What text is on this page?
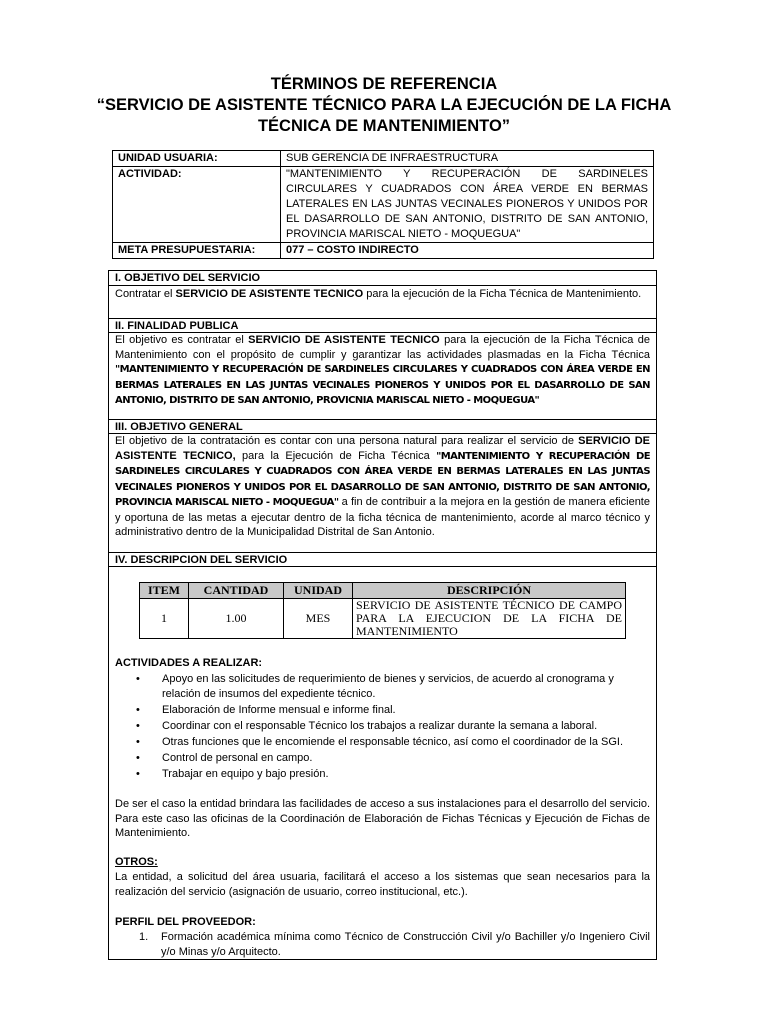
TÉRMINOS DE REFERENCIA
“SERVICIO DE ASISTENTE TÉCNICO PARA LA EJECUCIÓN DE LA FICHA
TÉCNICA DE MANTENIMIENTO”
UNIDAD USUARIA:	SUB GERENCIA DE INFRAESTRUCTURA
ACTIVIDAD:	"MANTENIMIENTO Y RECUPERACIÓN DE SARDINELES CIRCULARES Y CUADRADOS CON ÁREA VERDE EN BERMAS LATERALES EN LAS JUNTAS VECINALES PIONEROS Y UNIDOS POR EL DASARROLLO DE SAN ANTONIO, DISTRITO DE SAN ANTONIO, PROVINCIA MARISCAL NIETO - MOQUEGUA"
META PRESUPUESTARIA:	077 – COSTO INDIRECTO
I. OBJETIVO DEL SERVICIO
Contratar el SERVICIO DE ASISTENTE TECNICO para la ejecución de la Ficha Técnica de Mantenimiento.
II. FINALIDAD PUBLICA
El objetivo es contratar el SERVICIO DE ASISTENTE TECNICO para la ejecución de la Ficha Técnica de Mantenimiento con el propósito de cumplir y garantizar las actividades plasmadas en la Ficha Técnica "MANTENIMIENTO Y RECUPERACIÓN DE SARDINELES CIRCULARES Y CUADRADOS CON ÁREA VERDE EN BERMAS LATERALES EN LAS JUNTAS VECINALES PIONEROS Y UNIDOS POR EL DASARROLLO DE SAN ANTONIO, DISTRITO DE SAN ANTONIO, PROVICNIA MARISCAL NIETO - MOQUEGUA"
III. OBJETIVO GENERAL
El objetivo de la contratación es contar con una persona natural para realizar el servicio de SERVICIO DE ASISTENTE TECNICO, para la Ejecución de Ficha Técnica "MANTENIMIENTO Y RECUPERACIÓN DE SARDINELES CIRCULARES Y CUADRADOS CON ÁREA VERDE EN BERMAS LATERALES EN LAS JUNTAS VECINALES PIONEROS Y UNIDOS POR EL DASARROLLO DE SAN ANTONIO, DISTRITO DE SAN ANTONIO, PROVINCIA MARISCAL NIETO - MOQUEGUA" a fin de contribuir a la mejora en la gestión de manera eficiente y oportuna de las metas a ejecutar dentro de la ficha técnica de mantenimiento, acorde al marco técnico y administrativo dentro de la Municipalidad Distrital de San Antonio.
IV. DESCRIPCION DEL SERVICIO
ITEM	CANTIDAD	UNIDAD	DESCRIPCIÓN
1	1.00	MES	SERVICIO DE ASISTENTE TÉCNICO DE CAMPO PARA LA EJECUCION DE LA FICHA DE MANTENIMIENTO
ACTIVIDADES A REALIZAR:
• Apoyo en las solicitudes de requerimiento de bienes y servicios, de acuerdo al cronograma y relación de insumos del expediente técnico.
• Elaboración de Informe mensual e informe final.
• Coordinar con el responsable Técnico los trabajos a realizar durante la semana a laboral.
• Otras funciones que le encomiende el responsable técnico, así como el coordinador de la SGI.
• Control de personal en campo.
• Trabajar en equipo y bajo presión.
De ser el caso la entidad brindara las facilidades de acceso a sus instalaciones para el desarrollo del servicio. Para este caso las oficinas de la Coordinación de Elaboración de Fichas Técnicas y Ejecución de Fichas de Mantenimiento.
OTROS:
La entidad, a solicitud del área usuaria, facilitará el acceso a los sistemas que sean necesarios para la realización del servicio (asignación de usuario, correo institucional, etc.).
PERFIL DEL PROVEEDOR:
1.	Formación académica mínima como Técnico de Construcción Civil y/o Bachiller y/o Ingeniero Civil y/o Minas y/o Arquitecto.
